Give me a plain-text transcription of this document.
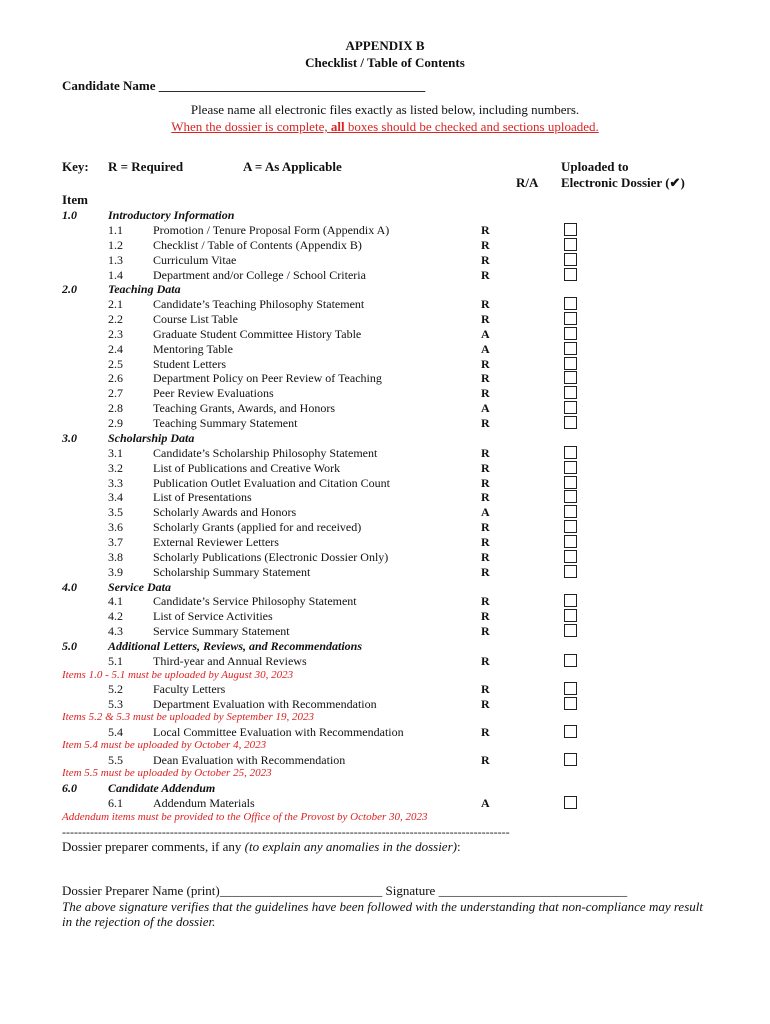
APPENDIX B
Checklist / Table of Contents
Candidate Name _________________________________________
Please name all electronic files exactly as listed below, including numbers.
When the dossier is complete, all boxes should be checked and sections uploaded.
Key: R = Required	A = As Applicable	Uploaded to
R/A Electronic Dossier (✔)
Item
1.0	Introductory Information
1.1	Promotion / Tenure Proposal Form (Appendix A)	R
1.2	Checklist / Table of Contents (Appendix B)	R
1.3	Curriculum Vitae	R
1.4	Department and/or College / School Criteria	R
2.0	Teaching Data
2.1	Candidate’s Teaching Philosophy Statement	R
2.2	Course List Table	R
2.3	Graduate Student Committee History Table	A
2.4	Mentoring Table	A
2.5	Student Letters	R
2.6	Department Policy on Peer Review of Teaching	R
2.7	Peer Review Evaluations	R
2.8	Teaching Grants, Awards, and Honors	A
2.9	Teaching Summary Statement	R
3.0	Scholarship Data
3.1	Candidate’s Scholarship Philosophy Statement	R
3.2	List of Publications and Creative Work	R
3.3	Publication Outlet Evaluation and Citation Count	R
3.4	List of Presentations	R
3.5	Scholarly Awards and Honors	A
3.6	Scholarly Grants (applied for and received)	R
3.7	External Reviewer Letters	R
3.8	Scholarly Publications (Electronic Dossier Only)	R
3.9	Scholarship Summary Statement	R
4.0	Service Data
4.1	Candidate’s Service Philosophy Statement	R
4.2	List of Service Activities	R
4.3	Service Summary Statement	R
5.0	Additional Letters, Reviews, and Recommendations
5.1	Third-year and Annual Reviews	R
Items 1.0 - 5.1 must be uploaded by August 30, 2023
5.2	Faculty Letters	R
5.3	Department Evaluation with Recommendation	R
Items 5.2 & 5.3 must be uploaded by September 19, 2023
5.4	Local Committee Evaluation with Recommendation	R
Item 5.4 must be uploaded by October 4, 2023
5.5	Dean Evaluation with Recommendation	R
Item 5.5 must be uploaded by October 25, 2023
6.0	Candidate Addendum
6.1	Addendum Materials	A
Addendum items must be provided to the Office of the Provost by October 30, 2023
----------------------------------------------------------------------------------------------------------------
Dossier preparer comments, if any (to explain any anomalies in the dossier):
Dossier Preparer Name (print)_________________________ Signature _____________________________
The above signature verifies that the guidelines have been followed with the understanding that non-compliance may result
in the rejection of the dossier.
